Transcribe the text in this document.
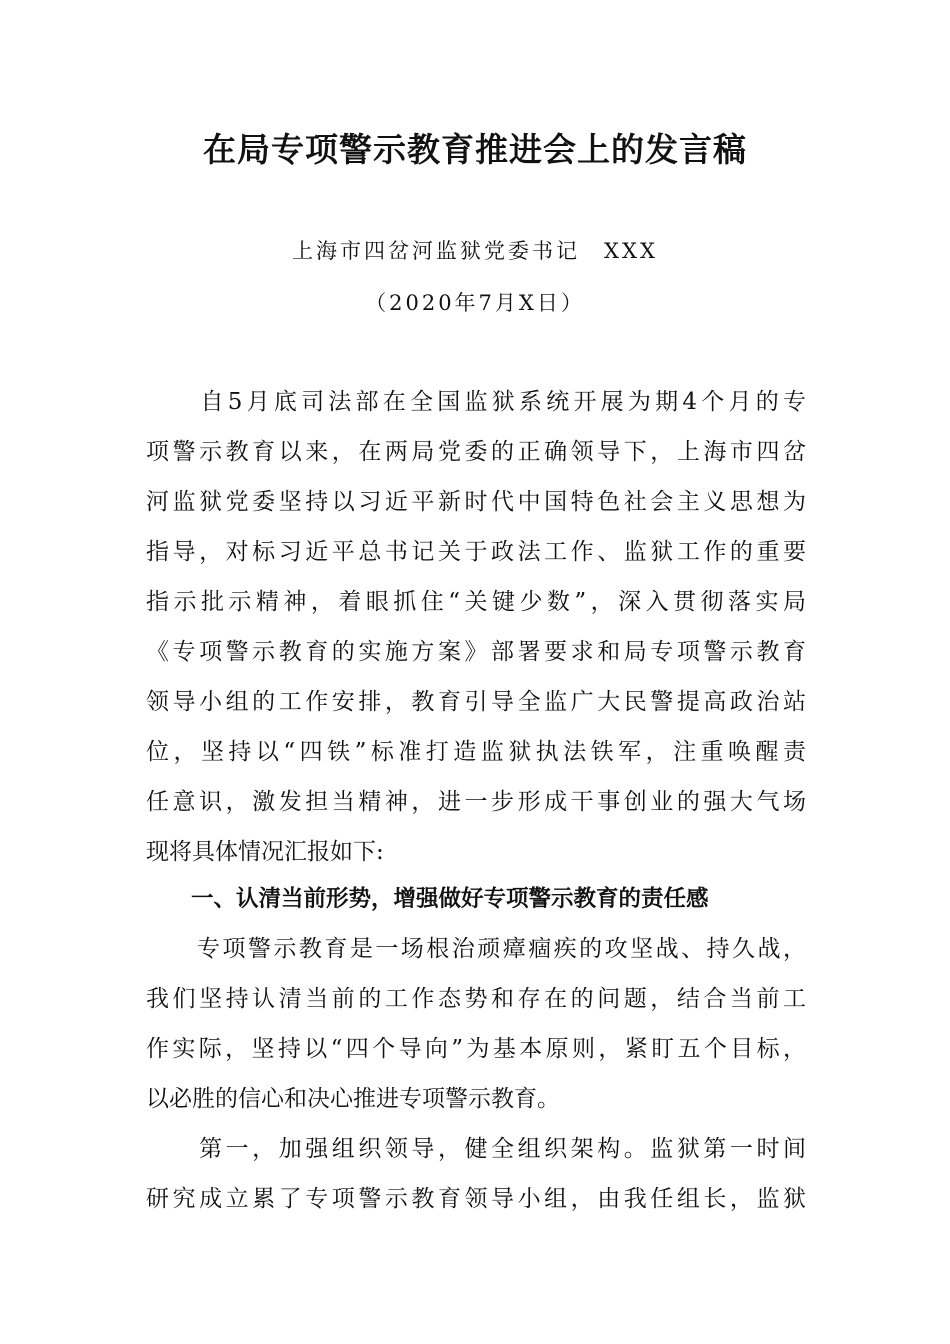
在局专项警示教育推进会上的发言稿
上海市四岔河监狱党委书记　XXX
（2020年7月X日）
　　自5月底司法部在全国监狱系统开展为期4个月的专
项警示教育以来，在两局党委的正确领导下，上海市四岔
河监狱党委坚持以习近平新时代中国特色社会主义思想为
指导，对标习近平总书记关于政法工作、监狱工作的重要
指示批示精神，着眼抓住“关键少数”，深入贯彻落实局
《专项警示教育的实施方案》部署要求和局专项警示教育
领导小组的工作安排，教育引导全监广大民警提高政治站
位，坚持以“四铁”标准打造监狱执法铁军，注重唤醒责
任意识，激发担当精神，进一步形成干事创业的强大气场
现将具体情况汇报如下:
　　一、认清当前形势，增强做好专项警示教育的责任感
　　专项警示教育是一场根治顽瘴痼疾的攻坚战、持久战，
我们坚持认清当前的工作态势和存在的问题，结合当前工
作实际，坚持以“四个导向”为基本原则，紧盯五个目标，
以必胜的信心和决心推进专项警示教育。
　　第一，加强组织领导，健全组织架构。监狱第一时间
研究成立累了专项警示教育领导小组，由我任组长，监狱
